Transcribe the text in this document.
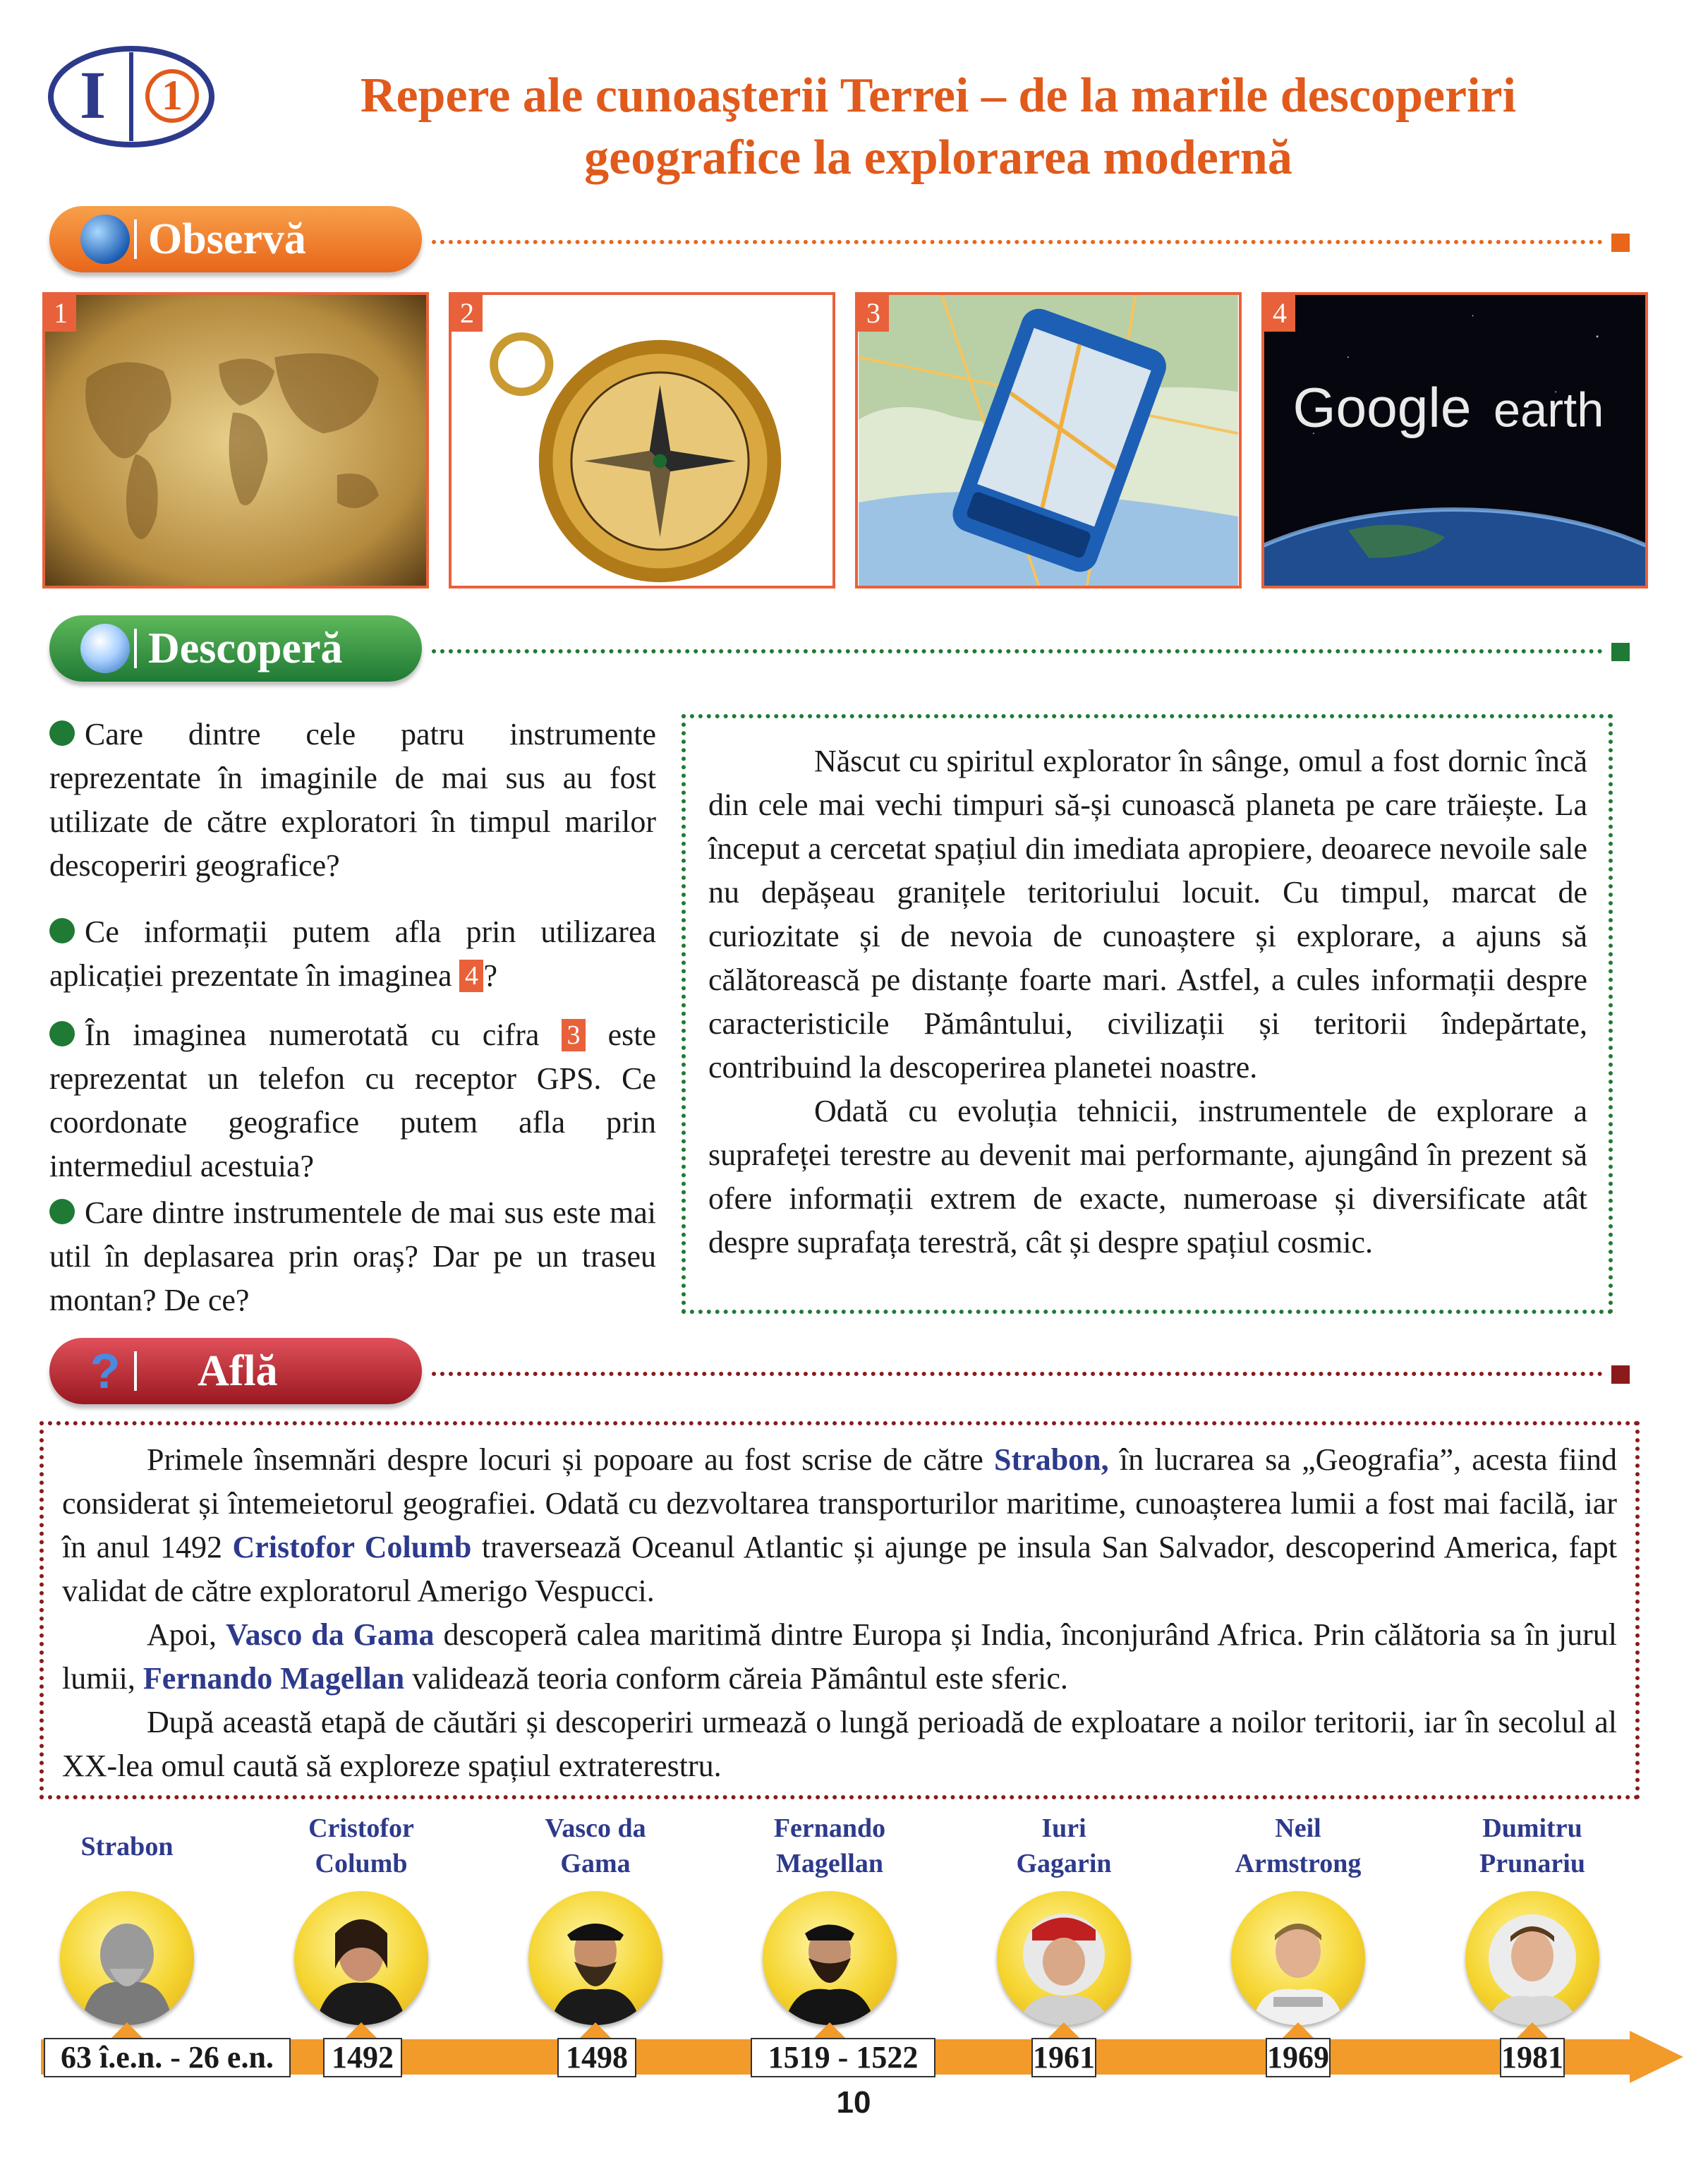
I	1	Repere ale cunoaşterii Terrei – de la marile descoperiri
geografice la explorarea modernă
Observă
1	2	3
Google earth
4
Descoperă
Care dintre cele patru instrumente reprezentate în imaginile de mai sus au fost utilizate de către exploratori în timpul marilor descoperiri geografice?
Ce informații putem afla prin utilizarea aplicației prezentate în imaginea 4 ?
În imaginea numerotată cu cifra 3 este reprezentat un telefon cu receptor GPS. Ce coordonate geografice putem afla prin intermediul acestuia?
Care dintre instrumentele de mai sus este mai util în deplasarea prin oraș? Dar pe un traseu montan? De ce?

Născut cu spiritul explorator în sânge, omul a fost dornic încă din cele mai vechi timpuri să-și cunoască planeta pe care trăiește. La început a cercetat spațiul din imediata apropiere, deoarece nevoile sale nu depășeau granițele teritoriului locuit. Cu timpul, marcat de curiozitate și de nevoia de cunoaștere și explorare, a ajuns să călătorească pe distanțe foarte mari. Astfel, a cules informații despre caracteristicile Pământului, civilizații și teritorii îndepărtate, contribuind la descoperirea planetei noastre.

Odată cu evoluția tehnicii, instrumentele de explorare a suprafeței terestre au devenit mai performante, ajungând în prezent să ofere informații extrem de exacte, numeroase și diversificate atât despre suprafața terestră, cât și despre spațiul cosmic.

? Află

Primele însemnări despre locuri și popoare au fost scrise de către Strabon, în lucrarea sa „Geografia”, acesta fiind considerat și întemeietorul geografiei. Odată cu dezvoltarea transporturilor maritime, cunoașterea lumii a fost mai facilă, iar în anul 1492 Cristofor Columb traversează Oceanul Atlantic și ajunge pe insula San Salvador, descoperind America, fapt validat de către exploratorul Amerigo Vespucci.

Apoi, Vasco da Gama descoperă calea maritimă dintre Europa și India, înconjurând Africa. Prin călătoria sa în jurul lumii, Fernando Magellan validează teoria conform căreia Pământul este sferic.

După această etapă de căutări și descoperiri urmează o lungă perioadă de exploatare a noilor teritorii, iar în secolul al XX-lea omul caută să exploreze spațiul extraterestru.

Strabon
63 î.e.n. - 26 e.n.
Cristofor
Columb
1492
Vasco da
Gama
1498
Fernando
Magellan
1519 - 1522
Iuri
Gagarin
1961
Neil
Armstrong
1969
Dumitru
Prunariu
1981
10
